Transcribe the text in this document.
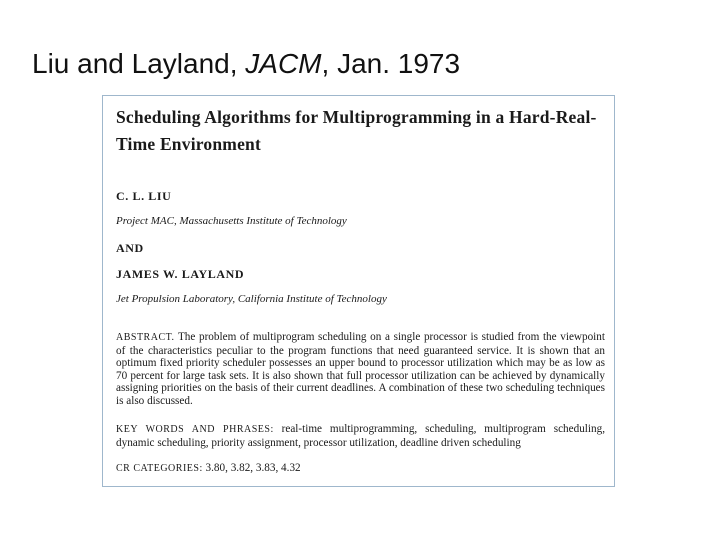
Liu and Layland, JACM, Jan. 1973
Scheduling Algorithms for Multiprogramming in a Hard-Real-Time Environment
C. L. LIU
Project MAC, Massachusetts Institute of Technology
AND
JAMES W. LAYLAND
Jet Propulsion Laboratory, California Institute of Technology
ABSTRACT. The problem of multiprogram scheduling on a single processor is studied from the viewpoint of the characteristics peculiar to the program functions that need guaranteed service. It is shown that an optimum fixed priority scheduler possesses an upper bound to processor utilization which may be as low as 70 percent for large task sets. It is also shown that full processor utilization can be achieved by dynamically assigning priorities on the basis of their current deadlines. A combination of these two scheduling techniques is also discussed.
KEY WORDS AND PHRASES: real-time multiprogramming, scheduling, multiprogram scheduling, dynamic scheduling, priority assignment, processor utilization, deadline driven scheduling
CR CATEGORIES: 3.80, 3.82, 3.83, 4.32
